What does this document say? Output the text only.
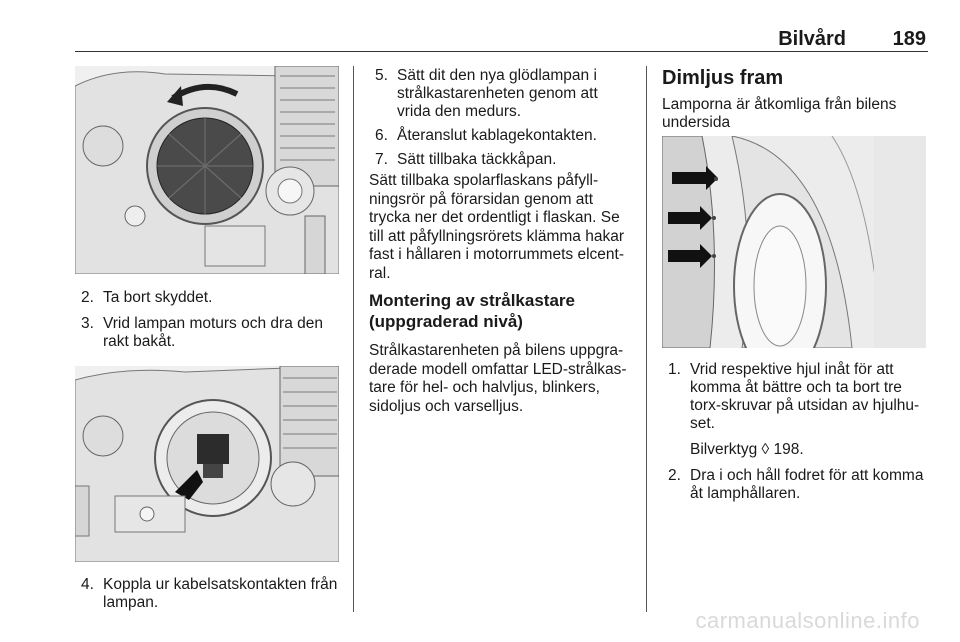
Bilvård 189
2. Ta bort skyddet.
3. Vrid lampan moturs och dra den rakt bakåt.
4. Koppla ur kabelsatskontakten från lampan.
5. Sätt dit den nya glödlampan i strålkastarenheten genom att vrida den medurs.
6. Återanslut kablagekontakten.
7. Sätt tillbaka täckkåpan.

Sätt tillbaka spolarflaskans påfyllningsrör på förarsidan genom att trycka ner det ordentligt i flaskan. Se till att påfyllningsrörets klämma hakar fast i hållaren i motorrummets elcentral.

Montering av strålkastare (uppgraderad nivå)

Strålkastarenheten på bilens uppgraderade modell omfattar LED-strålkastare för hel- och halvljus, blinkers, sidoljus och varselljus.

Dimljus fram

Lamporna är åtkomliga från bilens undersida

1. Vrid respektive hjul inåt för att komma åt bättre och ta bort tre torx-skruvar på utsidan av hjulhuset.
Bilverktyg ◊ 198.
2. Dra i och håll fodret för att komma åt lamphållaren.
carmanualsonline.info
